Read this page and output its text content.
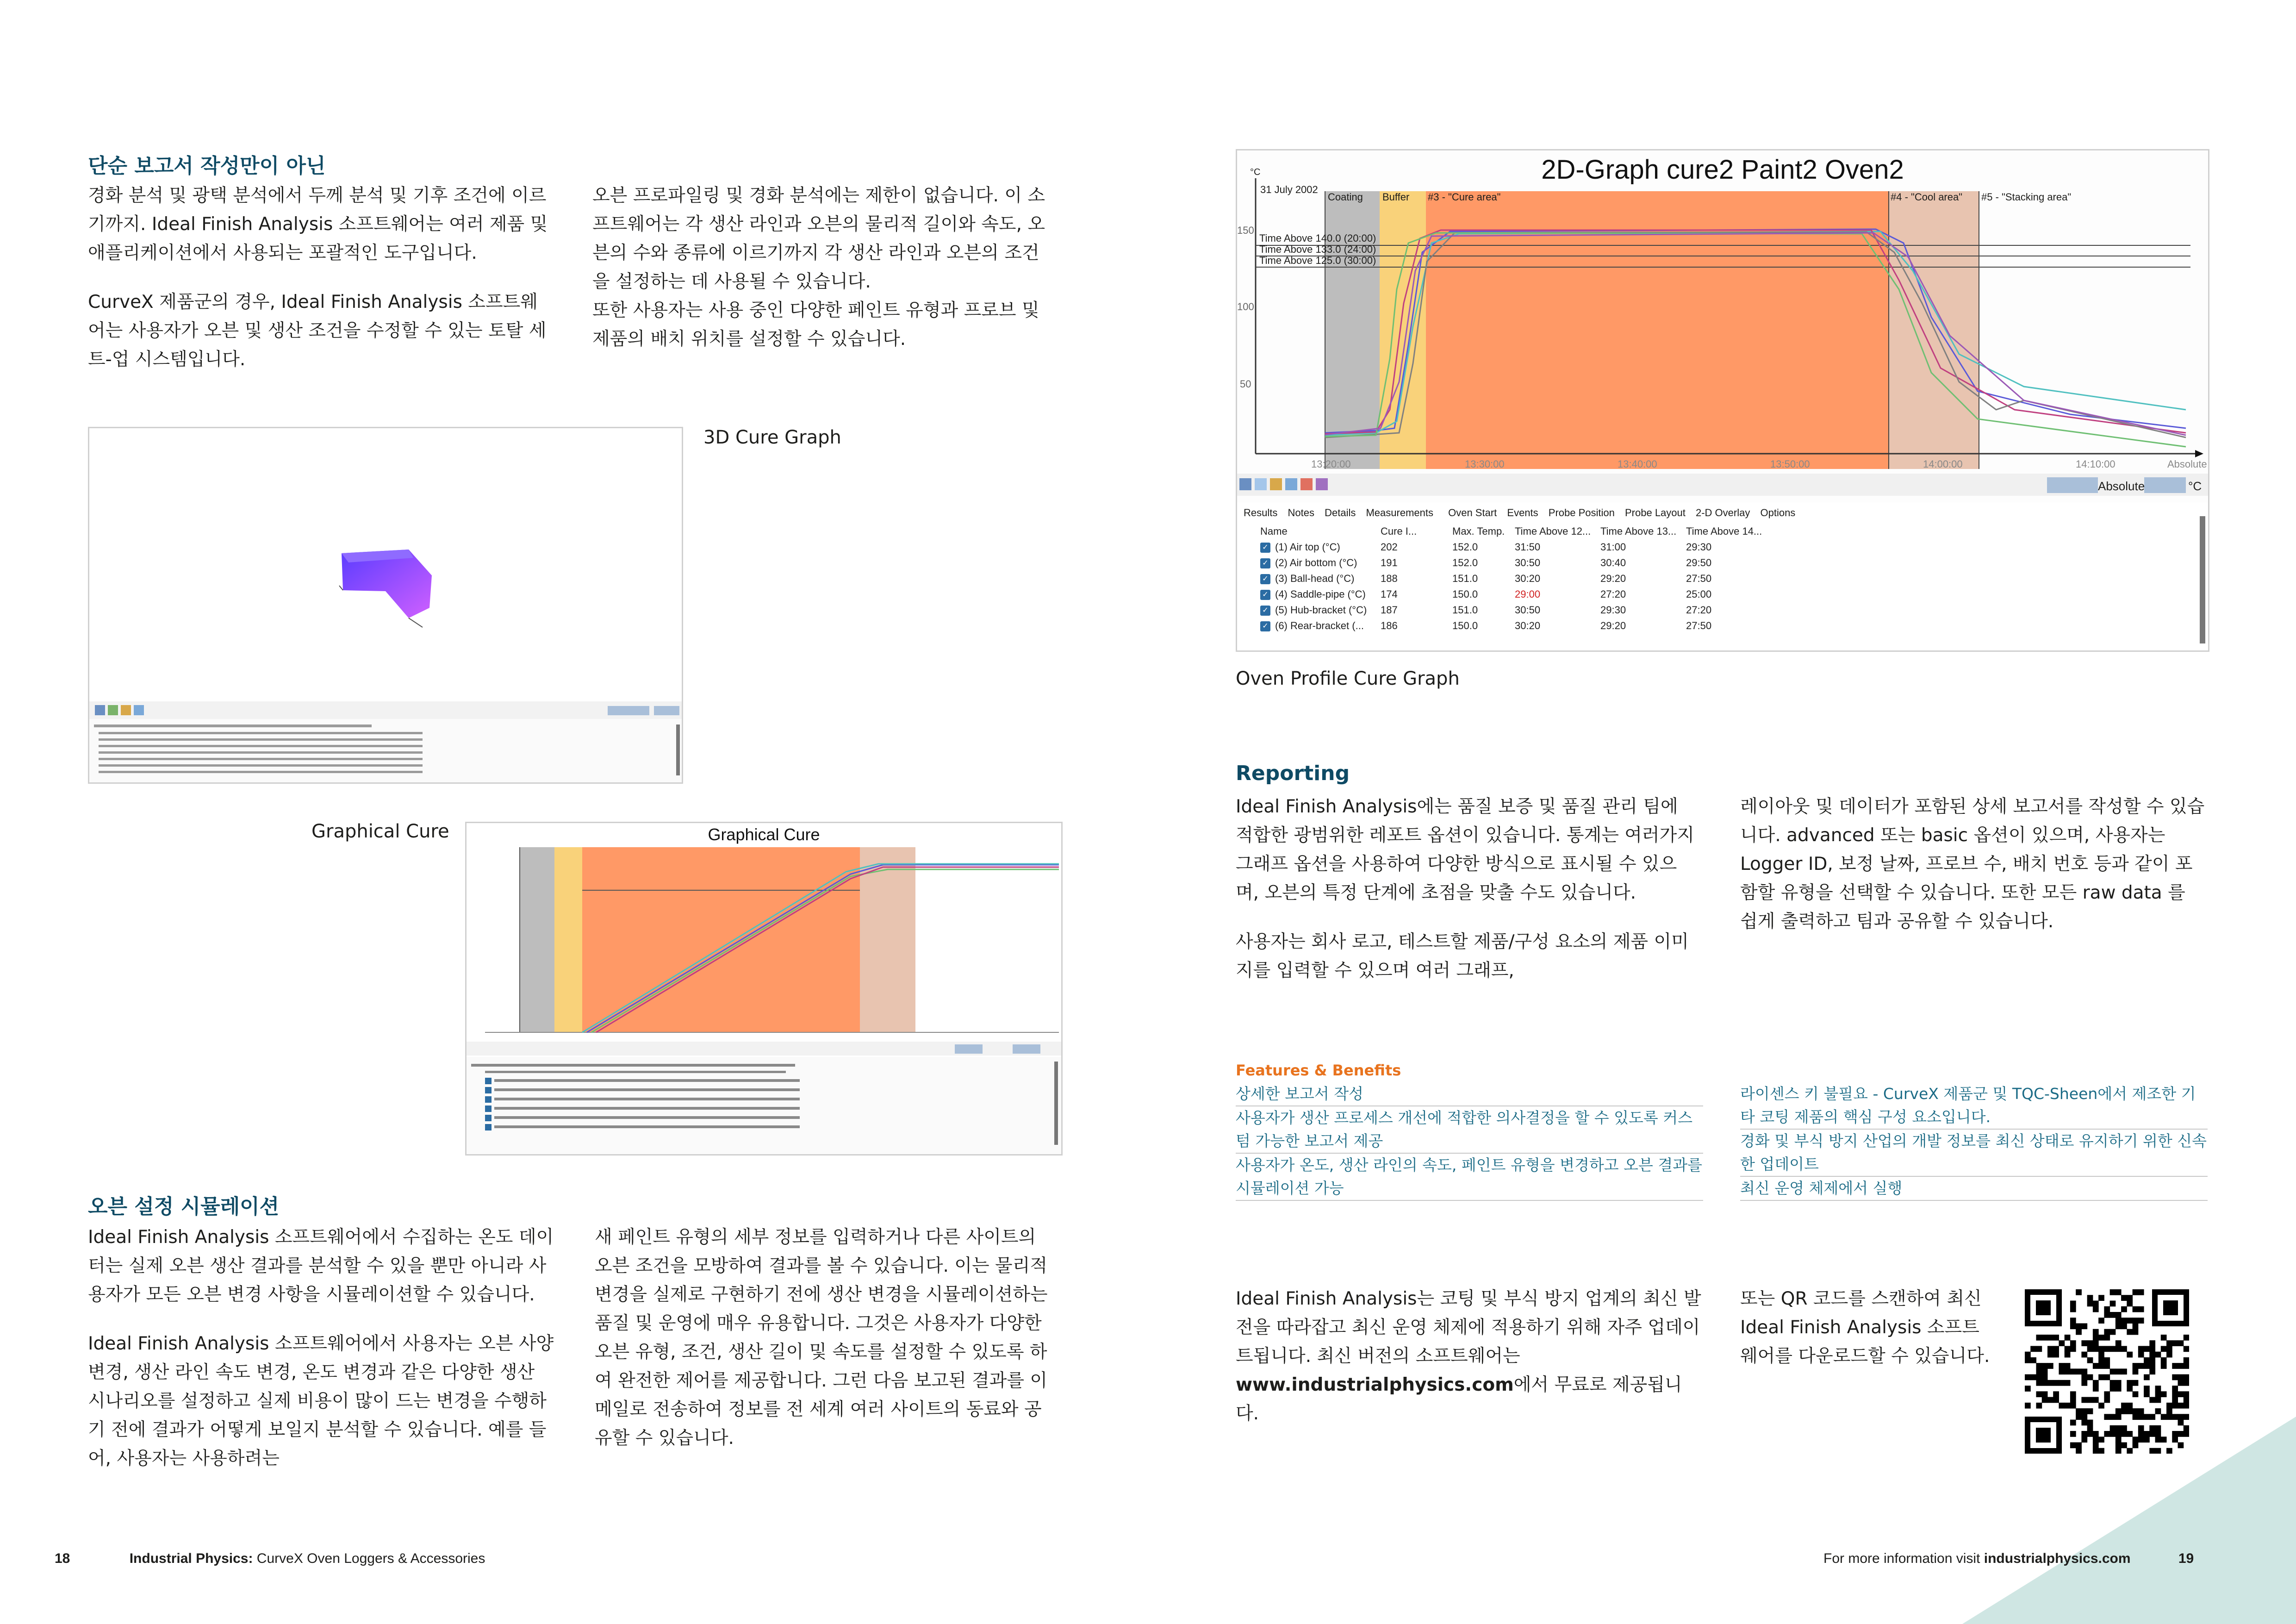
단순 보고서 작성만이 아닌

경화 분석 및 광택 분석에서 두께 분석 및 기후 조건에 이르기까지. Ideal Finish Analysis 소프트웨어는 여러 제품 및 애플리케이션에서 사용되는 포괄적인 도구입니다.

CurveX 제품군의 경우, Ideal Finish Analysis 소프트웨어는 사용자가 오븐 및 생산 조건을 수정할 수 있는 토탈 세트-업 시스템입니다.

오븐 프로파일링 및 경화 분석에는 제한이 없습니다. 이 소프트웨어는 각 생산 라인과 오븐의 물리적 길이와 속도, 오븐의 수와 종류에 이르기까지 각 생산 라인과 오븐의 조건을 설정하는 데 사용될 수 있습니다.

또한 사용자는 사용 중인 다양한 페인트 유형과 프로브 및 제품의 배치 위치를 설정할 수 있습니다.

3D Cure Graph
Graphical Cure	Graphical Cure
오븐 설정 시뮬레이션

Ideal Finish Analysis 소프트웨어에서 수집하는 온도 데이터는 실제 오븐 생산 결과를 분석할 수 있을 뿐만 아니라 사용자가 모든 오븐 변경 사항을 시뮬레이션할 수 있습니다.

Ideal Finish Analysis 소프트웨어에서 사용자는 오븐 사양 변경, 생산 라인 속도 변경, 온도 변경과 같은 다양한 생산 시나리오를 설정하고 실제 비용이 많이 드는 변경을 수행하기 전에 결과가 어떻게 보일지 분석할 수 있습니다. 예를 들어, 사용자는 사용하려는

새 페인트 유형의 세부 정보를 입력하거나 다른 사이트의 오븐 조건을 모방하여 결과를 볼 수 있습니다. 이는 물리적 변경을 실제로 구현하기 전에 생산 변경을 시뮬레이션하는 품질 및 운영에 매우 유용합니다. 그것은 사용자가 다양한 오븐 유형, 조건, 생산 길이 및 속도를 설정할 수 있도록 하여 완전한 제어를 제공합니다. 그런 다음 보고된 결과를 이메일로 전송하여 정보를 전 세계 여러 사이트의 동료와 공유할 수 있습니다.

18	Industrial Physics: CurveX Oven Loggers & Accessories
2D-Graph cure2 Paint2 Oven2
31 July 2002
°C
Coating Buffer #3 - "Cure area"	#4 - "Cool area" #5 - "Stacking area"
Time Above 140.0 (20:00)
Time Above 133.0 (24:00)
Time Above 125.0 (30:00)
150
100
50
13:20:00	13:30:00	13:40:00	13:50:00	14:00:00	14:10:00	Absolute
Absolute	°C
Results Notes Details Measurements Oven Start Events Probe Position Probe Layout 2-D Overlay Options
Name	Cure I...	Max. Temp. Time Above 12... Time Above 13... Time Above 14...
✓ (1) Air top (°C)	202	152.0	31:50	31:00	29:30
✓ (2) Air bottom (°C)	191	152.0	30:50	30:40	29:50
✓ (3) Ball-head (°C)	188	151.0	30:20	29:20	27:50
✓ (4) Saddle-pipe (°C)	174	150.0	29:00	27:20	25:00
✓ (5) Hub-bracket (°C)	187	151.0	30:50	29:30	27:20
✓ (6) Rear-bracket (...	186	150.0	30:20	29:20	27:50
Oven Profile Cure Graph
Reporting

Ideal Finish Analysis에는 품질 보증 및 품질 관리 팀에 적합한 광범위한 레포트 옵션이 있습니다. 통계는 여러가지 그래프 옵션을 사용하여 다양한 방식으로 표시될 수 있으며, 오븐의 특정 단계에 초점을 맞출 수도 있습니다.

사용자는 회사 로고, 테스트할 제품/구성 요소의 제품 이미지를 입력할 수 있으며 여러 그래프,

레이아웃 및 데이터가 포함된 상세 보고서를 작성할 수 있습니다. advanced 또는 basic 옵션이 있으며, 사용자는 Logger ID, 보정 날짜, 프로브 수, 배치 번호 등과 같이 포함할 유형을 선택할 수 있습니다. 또한 모든 raw data 를 쉽게 출력하고 팀과 공유할 수 있습니다.

Features & Benefits
상세한 보고서 작성
사용자가 생산 프로세스 개선에 적합한 의사결정을 할 수 있도록 커스텀 가능한 보고서 제공
사용자가 온도, 생산 라인의 속도, 페인트 유형을 변경하고 오븐 결과를 시뮬레이션 가능
라이센스 키 불필요 - CurveX 제품군 및 TQC-Sheen에서 제조한 기타 코팅 제품의 핵심 구성 요소입니다.
경화 및 부식 방지 산업의 개발 정보를 최신 상태로 유지하기 위한 신속한 업데이트
최신 운영 체제에서 실행

Ideal Finish Analysis는 코팅 및 부식 방지 업계의 최신 발전을 따라잡고 최신 운영 체제에 적용하기 위해 자주 업데이트됩니다. 최신 버전의 소프트웨어는 www.industrialphysics.com에서 무료로 제공됩니다.

또는 QR 코드를 스캔하여 최신 Ideal Finish Analysis 소프트웨어를 다운로드할 수 있습니다.

For more information visit industrialphysics.com	19
